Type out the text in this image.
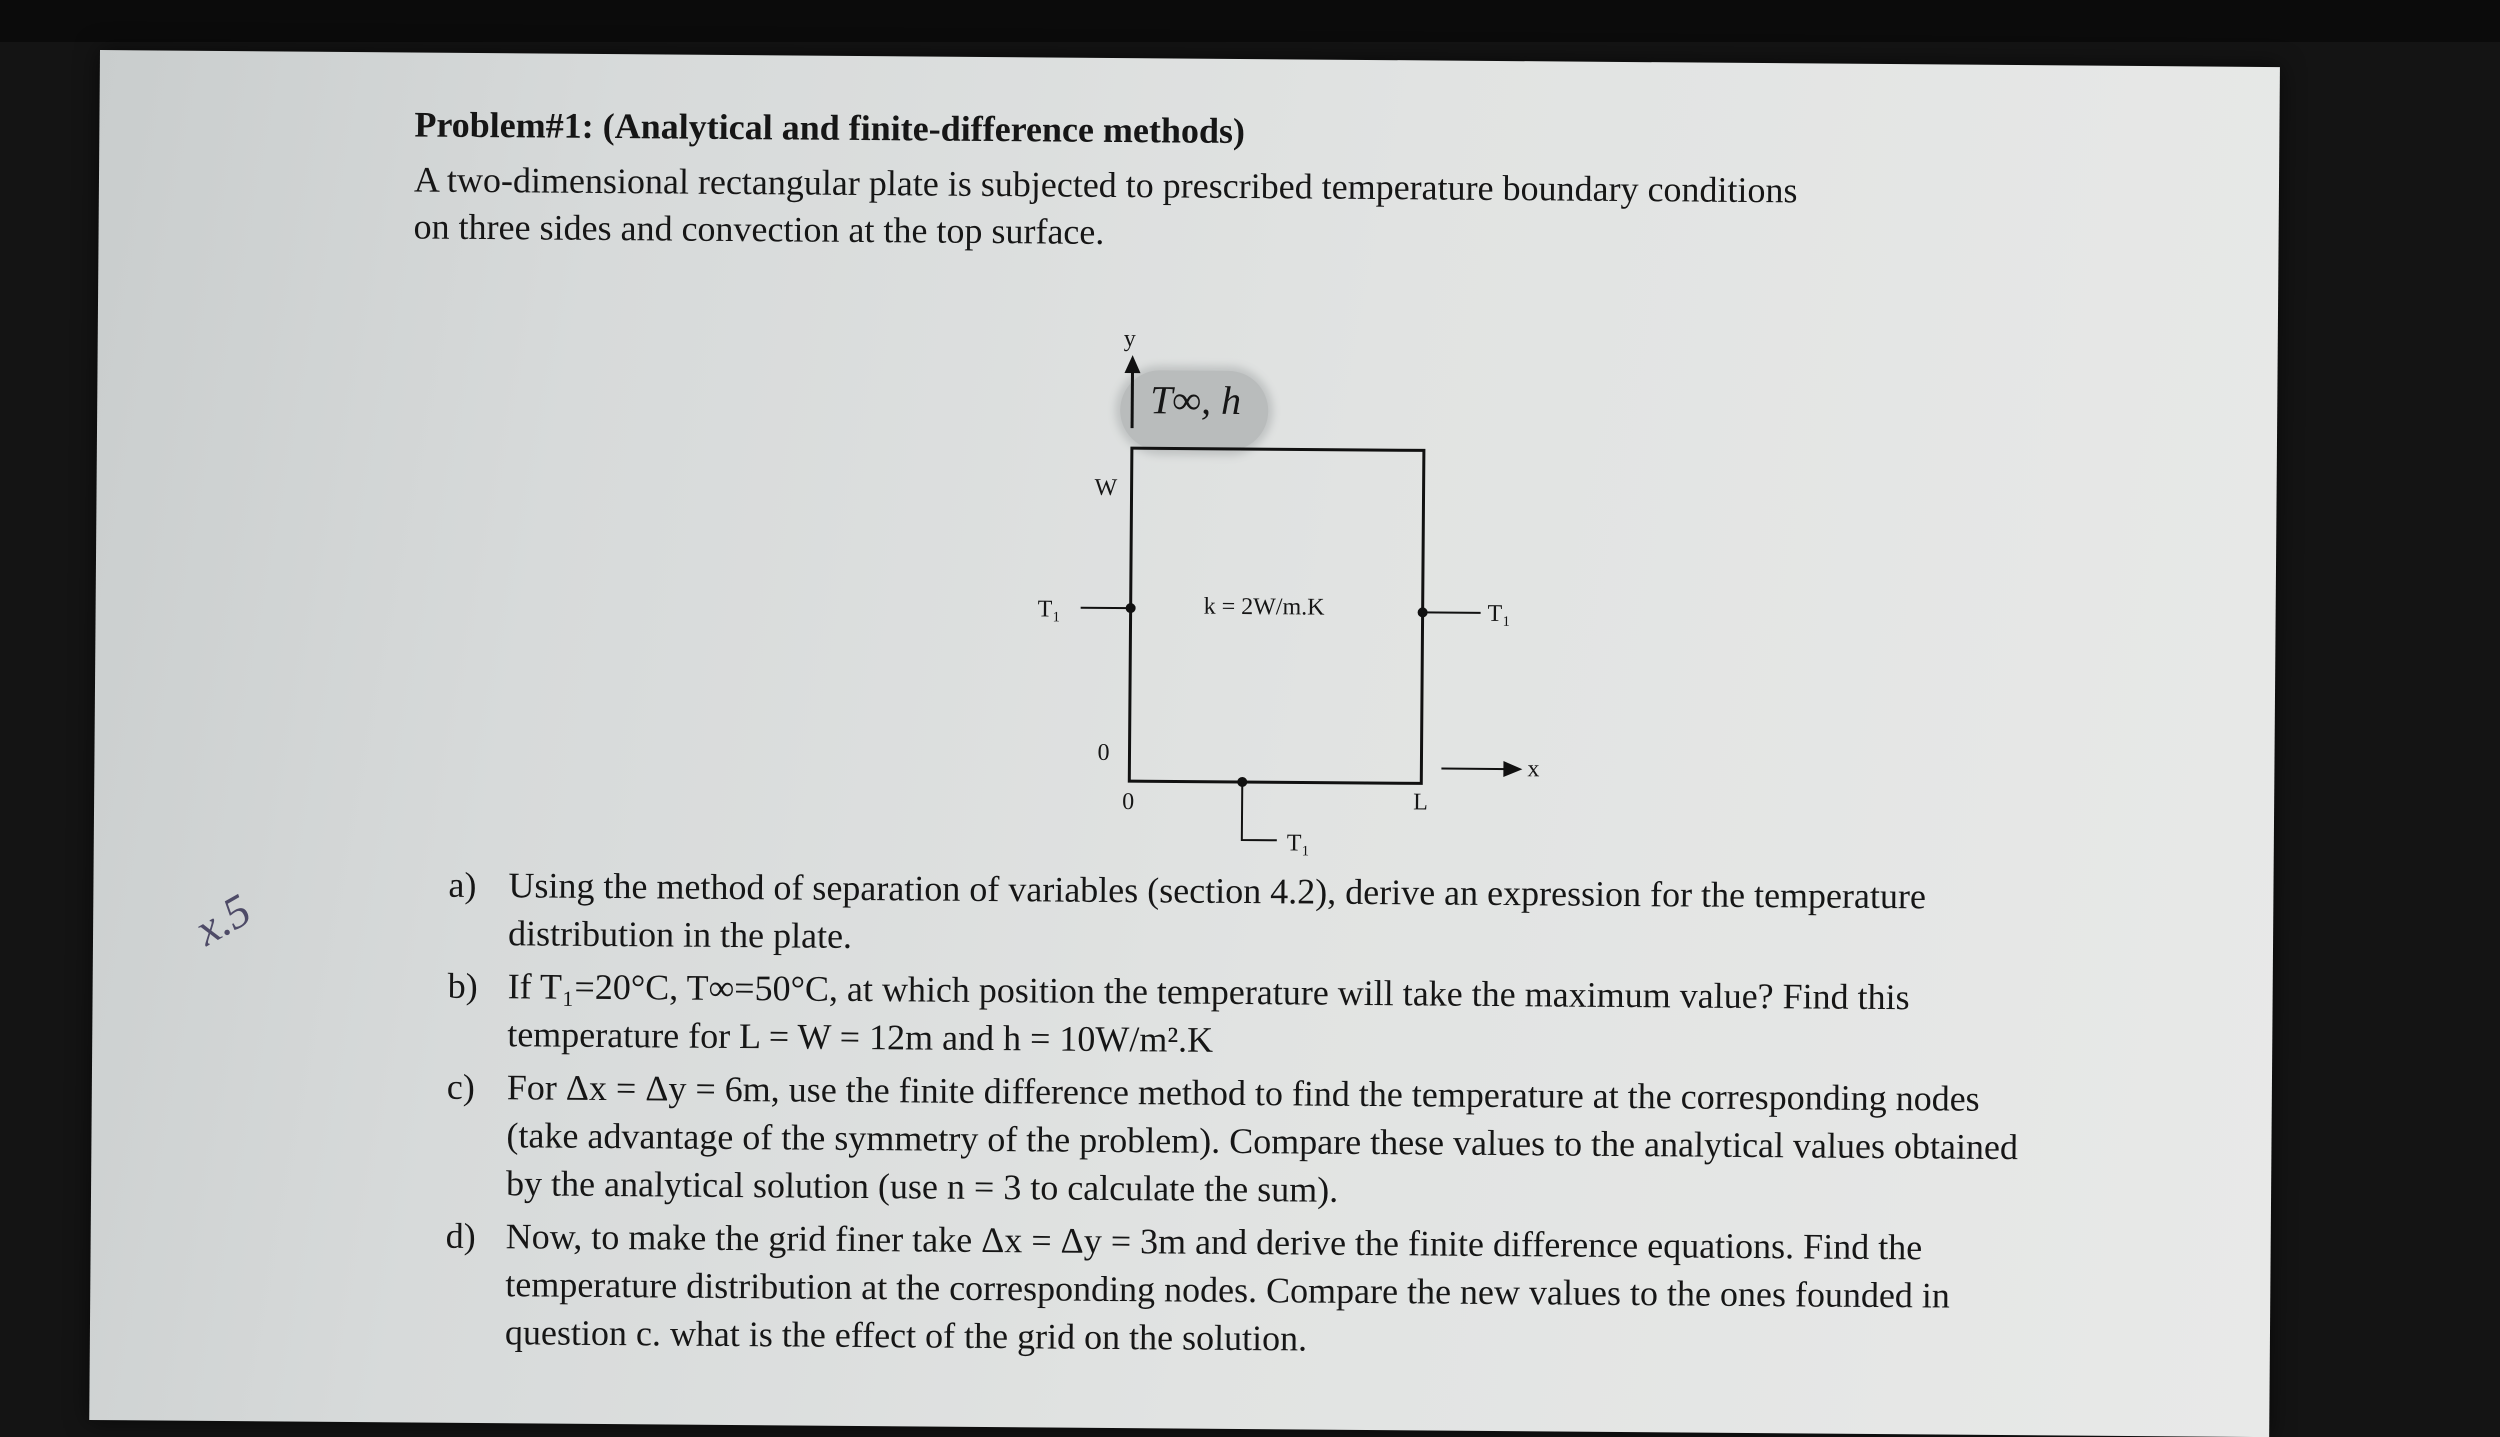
Problem#1: (Analytical and finite-difference methods)

A two-dimensional rectangular plate is subjected to prescribed temperature boundary conditions on three sides and convection at the top surface.

y
T∞, h
W
T₁	k = 2W/m.K	T₁
0
x
0	L
T₁
a) Using the method of separation of variables (section 4.2), derive an expression for the temperature distribution in the plate.
b) If T₁=20°C, T∞=50°C, at which position the temperature will take the maximum value? Find this temperature for L = W = 12m and h = 10W/m².K
c) For Δx = Δy = 6m, use the finite difference method to find the temperature at the corresponding nodes (take advantage of the symmetry of the problem). Compare these values to the analytical values obtained by the analytical solution (use n = 3 to calculate the sum).
d) Now, to make the grid finer take Δx = Δy = 3m and derive the finite difference equations. Find the temperature distribution at the corresponding nodes. Compare the new values to the ones founded in question c. what is the effect of the grid on the solution.
x.5
